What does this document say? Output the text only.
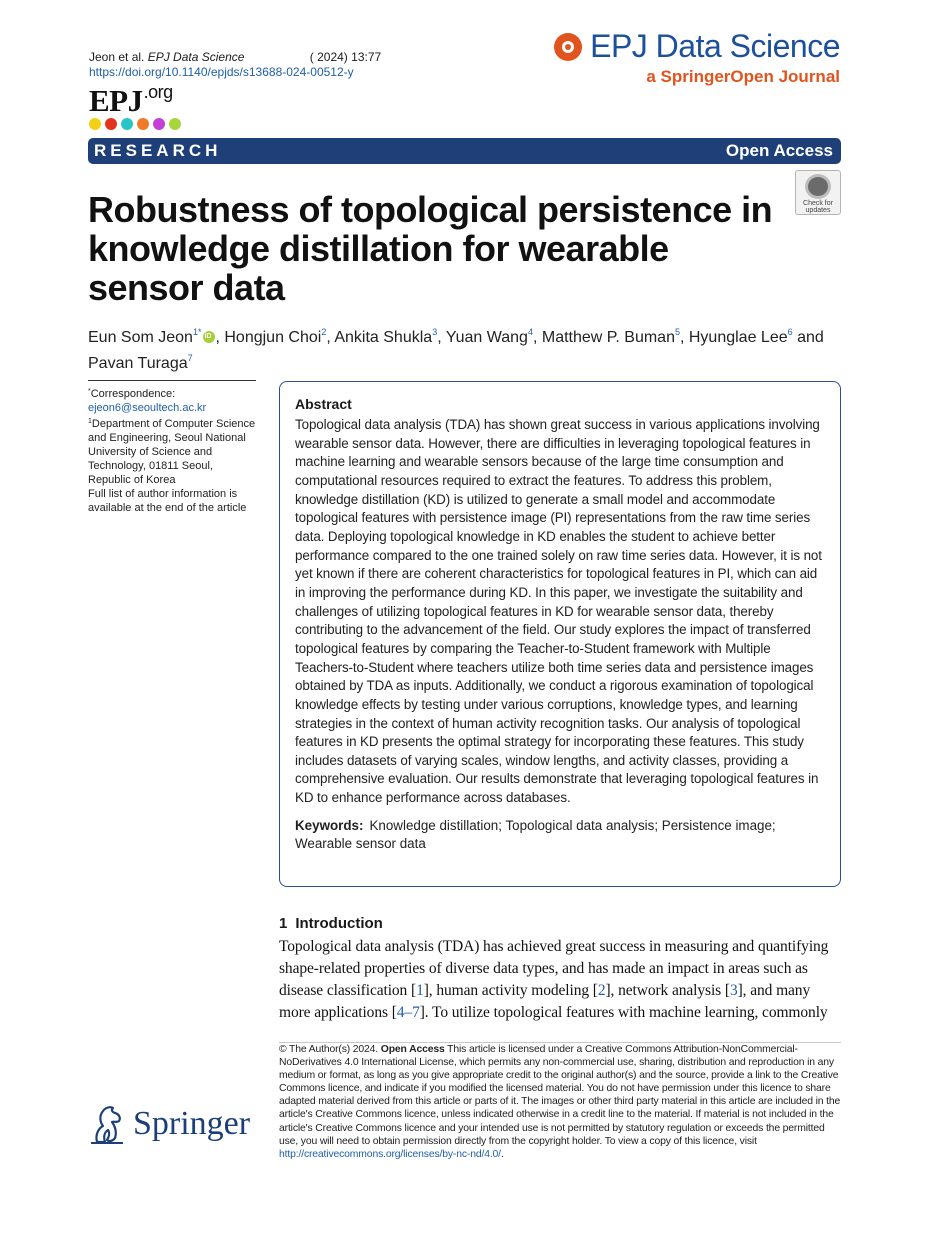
Jeon et al. EPJ Data Science	( 2024) 13:77
https://doi.org/10.1140/epjds/s13688-024-00512-y
$EPJ^{.org}$
EPJ Data Science
a SpringerOpen Journal
RESEARCH	Open Access
Check for
updates
Robustness of topological persistence in knowledge distillation for wearable sensor data
Eun Som Jeon$^{1*}$iD , Hongjun Choi$^2$, Ankita Shukla$^3$, Yuan Wang$^4$, Matthew P. Buman$^5$, Hyunglae Lee$^6$ and
Pavan Turaga$^7$
*Correspondence:
ejeon6@seoultech.ac.kr
$^1$Department of Computer Science and Engineering, Seoul National University of Science and Technology, 01811 Seoul, Republic of Korea
Full list of author information is available at the end of the article
Abstract

Topological data analysis (TDA) has shown great success in various applications involving wearable sensor data. However, there are difficulties in leveraging topological features in machine learning and wearable sensors because of the large time consumption and computational resources required to extract the features. To address this problem, knowledge distillation (KD) is utilized to generate a small model and accommodate topological features with persistence image (PI) representations from the raw time series data. Deploying topological knowledge in KD enables the student to achieve better performance compared to the one trained solely on raw time series data. However, it is not yet known if there are coherent characteristics for topological features in PI, which can aid in improving the performance during KD. In this paper, we investigate the suitability and challenges of utilizing topological features in KD for wearable sensor data, thereby contributing to the advancement of the field. Our study explores the impact of transferred topological features by comparing the Teacher-to-Student framework with Multiple Teachers-to-Student where teachers utilize both time series data and persistence images obtained by TDA as inputs. Additionally, we conduct a rigorous examination of topological knowledge effects by testing under various corruptions, knowledge types, and learning strategies in the context of human activity recognition tasks. Our analysis of topological features in KD presents the optimal strategy for incorporating these features. This study includes datasets of varying scales, window lengths, and activity classes, providing a comprehensive evaluation. Our results demonstrate that leveraging topological features in KD to enhance performance across databases.

Keywords: Knowledge distillation; Topological data analysis; Persistence image; Wearable sensor data

1 Introduction

Topological data analysis (TDA) has achieved great success in measuring and quantifying shape-related properties of diverse data types, and has made an impact in areas such as disease classification [1], human activity modeling [2], network analysis [3], and many more applications [4–7]. To utilize topological features with machine learning, commonly

Springer

© The Author(s) 2024. Open Access This article is licensed under a Creative Commons Attribution-NonCommercial-NoDerivatives 4.0 International License, which permits any non-commercial use, sharing, distribution and reproduction in any medium or format, as long as you give appropriate credit to the original author(s) and the source, provide a link to the Creative Commons licence, and indicate if you modified the licensed material. You do not have permission under this licence to share adapted material derived from this article or parts of it. The images or other third party material in this article are included in the article's Creative Commons licence, unless indicated otherwise in a credit line to the material. If material is not included in the article's Creative Commons licence and your intended use is not permitted by statutory regulation or exceeds the permitted use, you will need to obtain permission directly from the copyright holder. To view a copy of this licence, visit http://creativecommons.org/licenses/by-nc-nd/4.0/.
